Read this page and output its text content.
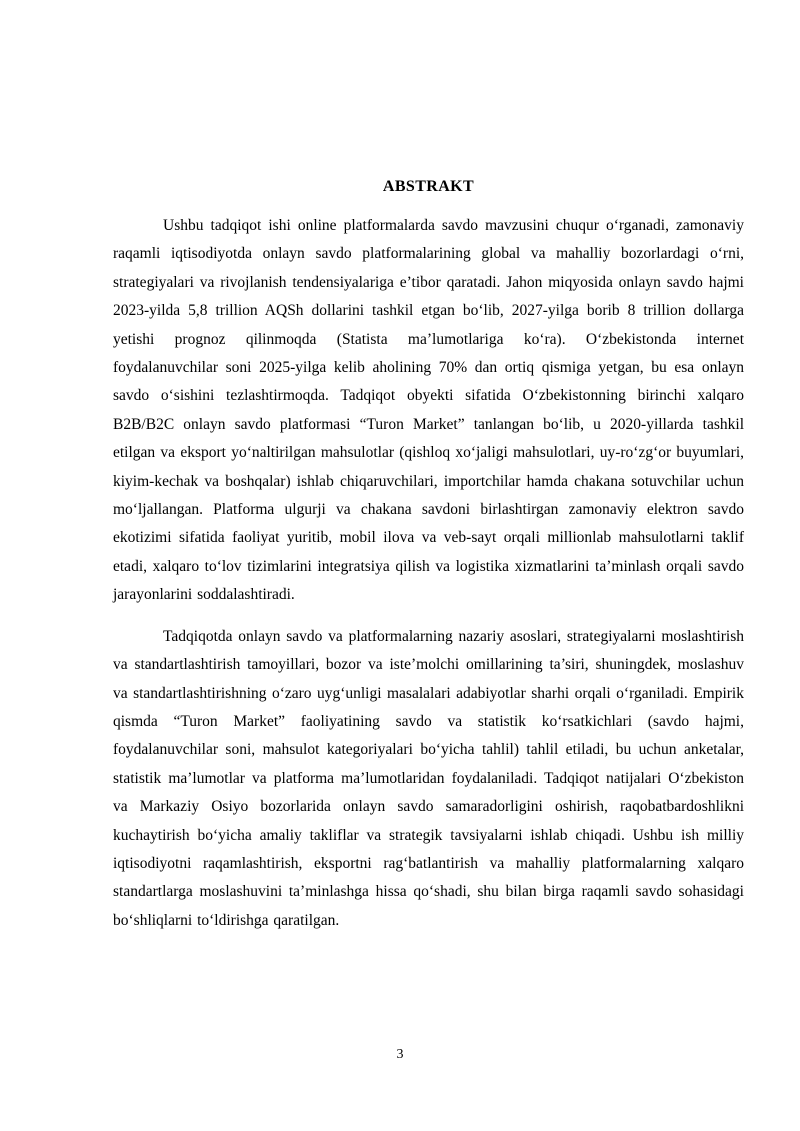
ABSTRAKT

Ushbu tadqiqot ishi online platformalarda savdo mavzusini chuqur o‘rganadi, zamonaviy raqamli iqtisodiyotda onlayn savdo platformalarining global va mahalliy bozorlardagi o‘rni, strategiyalari va rivojlanish tendensiyalariga e’tibor qaratadi. Jahon miqyosida onlayn savdo hajmi 2023-yilda 5,8 trillion AQSh dollarini tashkil etgan bo‘lib, 2027-yilga borib 8 trillion dollarga yetishi prognoz qilinmoqda (Statista ma’lumotlariga ko‘ra). O‘zbekistonda internet foydalanuvchilar soni 2025-yilga kelib aholining 70% dan ortiq qismiga yetgan, bu esa onlayn savdo o‘sishini tezlashtirmoqda. Tadqiqot obyekti sifatida O‘zbekistonning birinchi xalqaro B2B/B2C onlayn savdo platformasi “Turon Market” tanlangan bo‘lib, u 2020-yillarda tashkil etilgan va eksport yo‘naltirilgan mahsulotlar (qishloq xo‘jaligi mahsulotlari, uy-ro‘zg‘or buyumlari, kiyim-kechak va boshqalar) ishlab chiqaruvchilari, importchilar hamda chakana sotuvchilar uchun mo‘ljallangan. Platforma ulgurji va chakana savdoni birlashtirgan zamonaviy elektron savdo ekotizimi sifatida faoliyat yuritib, mobil ilova va veb-sayt orqali millionlab mahsulotlarni taklif etadi, xalqaro to‘lov tizimlarini integratsiya qilish va logistika xizmatlarini ta’minlash orqali savdo jarayonlarini soddalashtiradi.

Tadqiqotda onlayn savdo va platformalarning nazariy asoslari, strategiyalarni moslashtirish va standartlashtirish tamoyillari, bozor va iste’molchi omillarining ta’siri, shuningdek, moslashuv va standartlashtirishning o‘zaro uyg‘unligi masalalari adabiyotlar sharhi orqali o‘rganiladi. Empirik qismda “Turon Market” faoliyatining savdo va statistik ko‘rsatkichlari (savdo hajmi, foydalanuvchilar soni, mahsulot kategoriyalari bo‘yicha tahlil) tahlil etiladi, bu uchun anketalar, statistik ma’lumotlar va platforma ma’lumotlaridan foydalaniladi. Tadqiqot natijalari O‘zbekiston va Markaziy Osiyo bozorlarida onlayn savdo samaradorligini oshirish, raqobatbardoshlikni kuchaytirish bo‘yicha amaliy takliflar va strategik tavsiyalarni ishlab chiqadi. Ushbu ish milliy iqtisodiyotni raqamlashtirish, eksportni rag‘batlantirish va mahalliy platformalarning xalqaro standartlarga moslashuvini ta’minlashga hissa qo‘shadi, shu bilan birga raqamli savdo sohasidagi bo‘shliqlarni to‘ldirishga qaratilgan.

3
